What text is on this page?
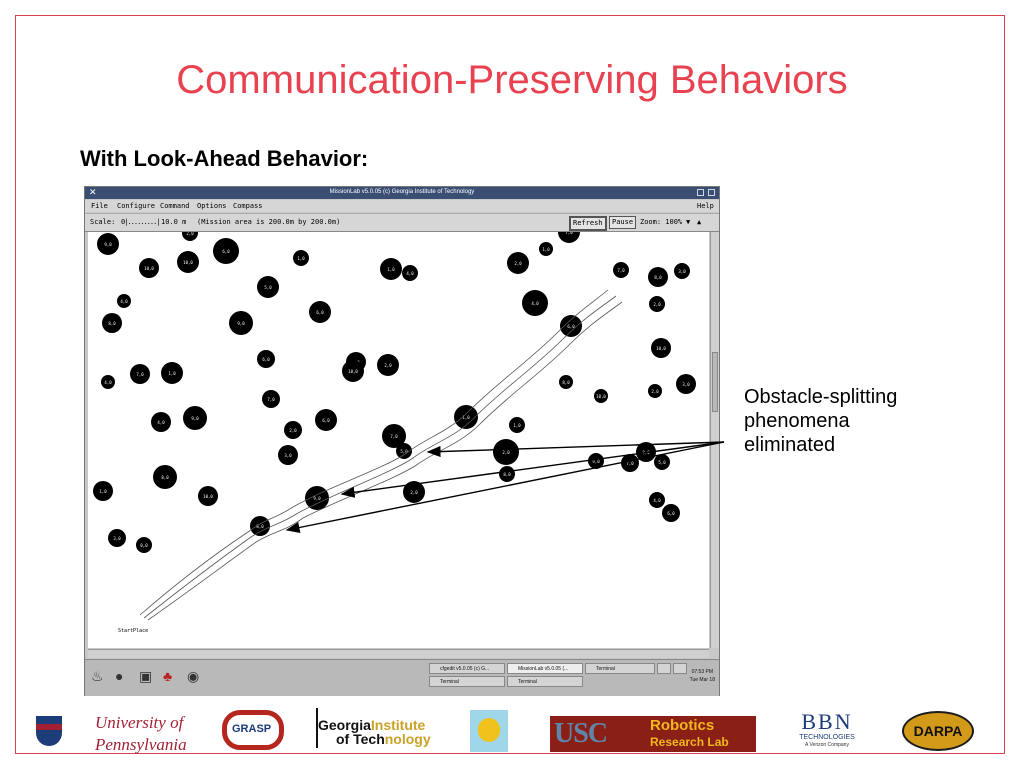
Communication-Preserving Behaviors
With Look-Ahead Behavior:
Obstacle-splitting
phenomena
eliminated
✕	MissionLab v5.0.05 (c) Georgia Institute of Technology
File Configure Command Options Compass	Help
Scale: 0|.........| 10.0 m (Mission area is 200.0m by 200.0m)	Refresh	Pause Zoom: 100% ▼ ▲
9,0
2,0
10,0
6,0
10,0
1,0
1,0
2,0
1,0
7,0
7,0
8,0
3,0
5,0
4,0
4,0
8,0	9,0
6,0
4,0
6,0
2,0
10,0
4,0
7,0
6,0
10,0
1,0
2,0
7,0
8,0
2,0
3,0
10,0
4,0
9,0	6,0
2,0
7,0
1,0
1,0
7,0
8,0
5,0
9,0
2,0
8,0
9,0	5,0
3,0
1,0
8,0
10,0
2,0
4,0
6,0
3,0
0,0
8,0
StartPlace
♨ ● ▣ ♣ ◉	cfgedit v5.0.05 (c) G...	MissionLab v5.0.05 (...	Terminal
Terminal	Terminal
07:53 PM
Tue Mar 18
University of
Pennsylvania
GRASP	GeorgiaInstitute
of Technology	USC	Robotics
Research Lab
BBN
TECHNOLOGIES
A Verizon Company
DARPA
